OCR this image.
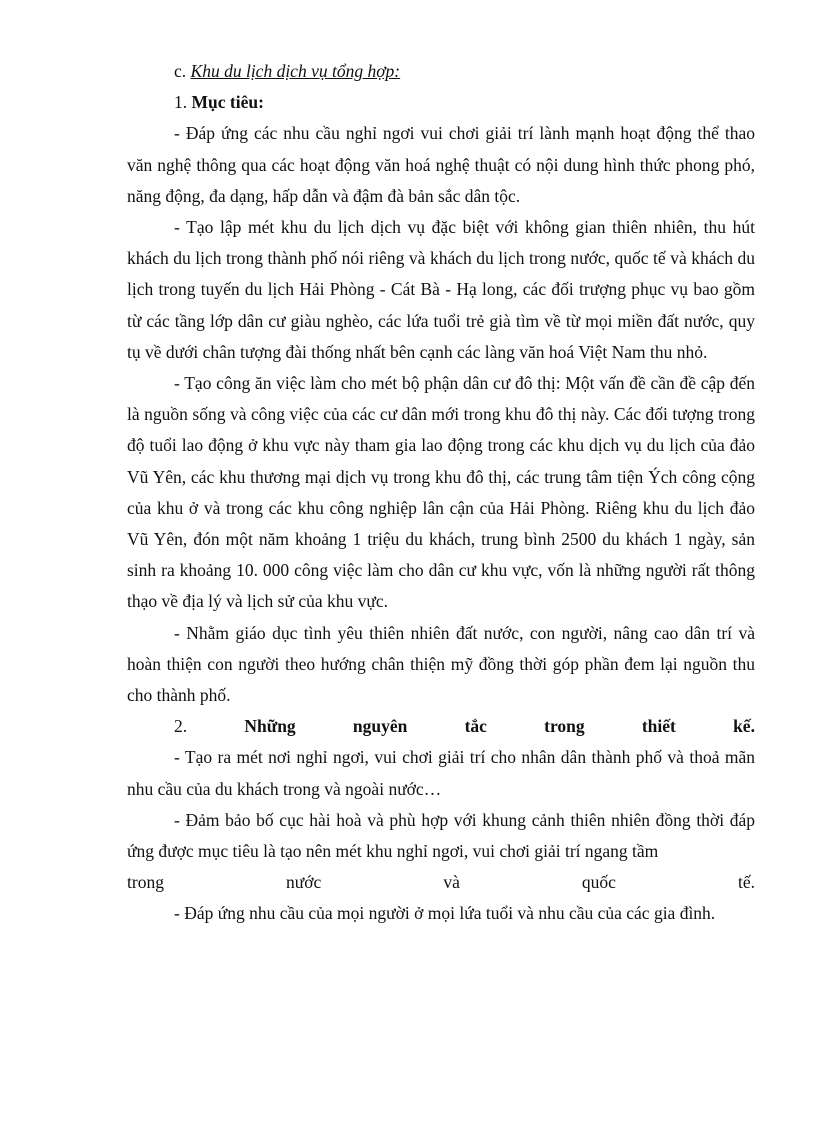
c. Khu du lịch dịch vụ tổng hợp:

1. Mục tiêu:

- Đáp ứng các nhu cầu nghỉ ngơi vui chơi giải trí lành mạnh hoạt động thể thao văn nghệ thông qua các hoạt động văn hoá nghệ thuật có nội dung hình thức phong phó, năng động, đa dạng, hấp dẫn và đậm đà bản sắc dân tộc.

- Tạo lập mét khu du lịch dịch vụ đặc biệt với không gian thiên nhiên, thu hút khách du lịch trong thành phố nói riêng và khách du lịch trong nước, quốc tế và khách du lịch trong tuyến du lịch Hải Phòng - Cát Bà - Hạ long, các đối trượng phục vụ bao gồm từ các tầng lớp dân cư giàu nghèo, các lứa tuổi trẻ già tìm về từ mọi miền đất nước, quy tụ về dưới chân tượng đài thống nhất bên cạnh các làng văn hoá Việt Nam thu nhỏ.

- Tạo công ăn việc làm cho mét bộ phận dân cư đô thị: Một vấn đề cần đề cập đến là nguồn sống và công việc của các cư dân mới trong khu đô thị này. Các đối tượng trong độ tuổi lao động ở khu vực này tham gia lao động trong các khu dịch vụ du lịch của đảo Vũ Yên, các khu thương mại dịch vụ trong khu đô thị, các trung tâm tiện Ých công cộng của khu ở và trong các khu công nghiệp lân cận của Hải Phòng. Riêng khu du lịch đảo Vũ Yên, đón một năm khoảng 1 triệu du khách, trung bình 2500 du khách 1 ngày, sản sinh ra khoảng 10. 000 công việc làm cho dân cư khu vực, vốn là những người rất thông thạo về địa lý và lịch sử của khu vực.

- Nhằm giáo dục tình yêu thiên nhiên đất nước, con người, nâng cao dân trí và hoàn thiện con người theo hướng chân thiện mỹ đồng thời góp phần đem lại nguồn thu cho thành phố.

2.	Những	nguyên	tắc	trong	thiết	kế.

- Tạo ra mét nơi nghỉ ngơi, vui chơi giải trí cho nhân dân thành phố và thoả mãn nhu cầu của du khách trong và ngoài nước…

- Đảm bảo bố cục hài hoà và phù hợp với khung cảnh thiên nhiên đồng thời đáp ứng được mục tiêu là tạo nên mét khu nghỉ ngơi, vui chơi giải trí ngang tầm

trong	nước	và	quốc	tế.

- Đáp ứng nhu cầu của mọi người ở mọi lứa tuổi và nhu cầu của các gia đình.
